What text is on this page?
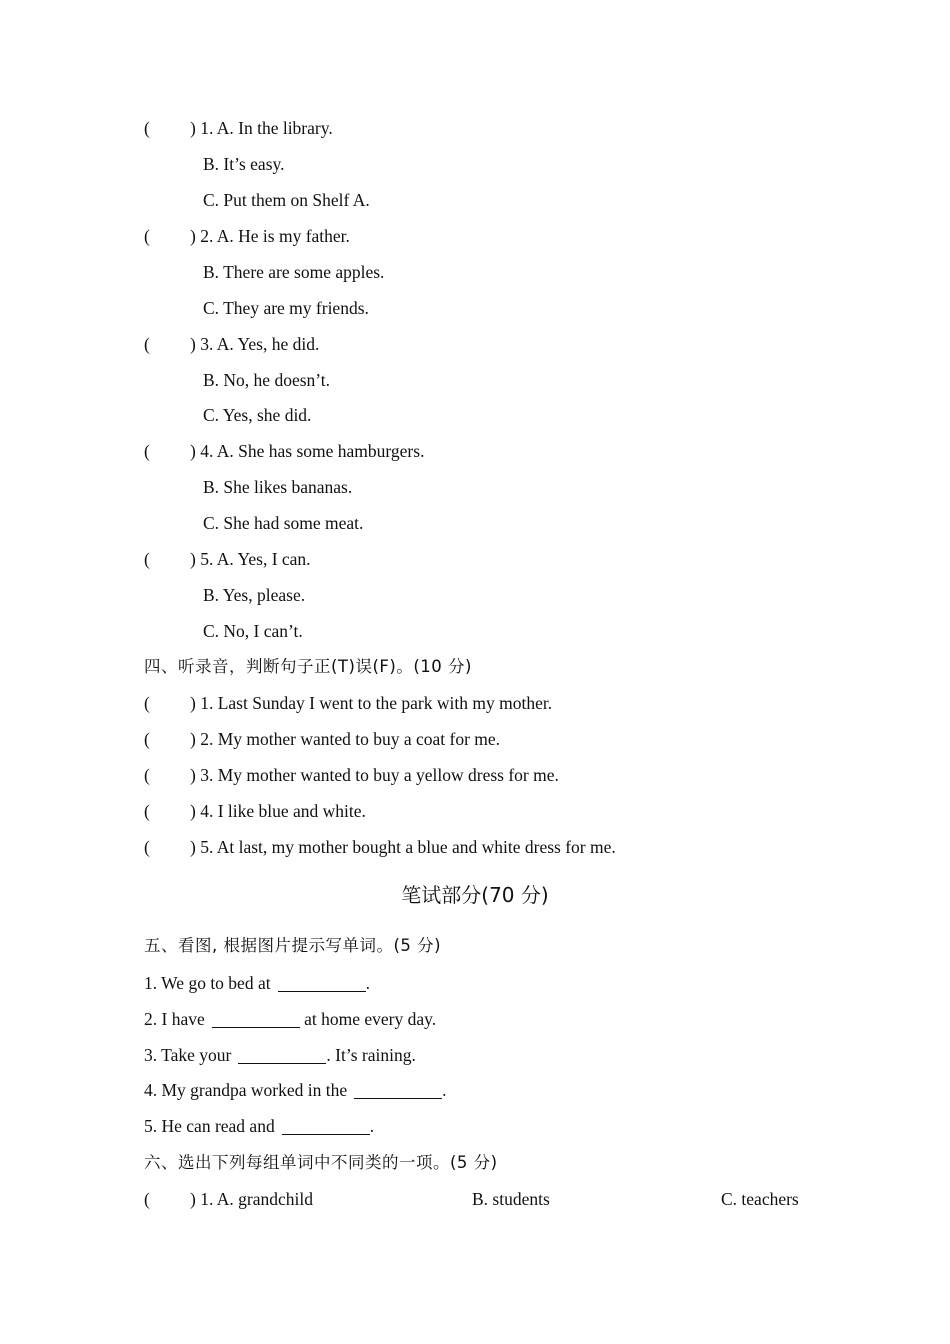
( ) 1. A. In the library.
B. It’s easy.
C. Put them on Shelf A.
( ) 2. A. He is my father.
B. There are some apples.
C. They are my friends.
( ) 3. A. Yes, he did.
B. No, he doesn’t.
C. Yes, she did.
( ) 4. A. She has some hamburgers.
B. She likes bananas.
C. She had some meat.
( ) 5. A. Yes, I can.
B. Yes, please.
C. No, I can’t.
四、听录音，判断句子正(T)误(F)。(10 分)
( ) 1. Last Sunday I went to the park with my mother.
( ) 2. My mother wanted to buy a coat for me.
( ) 3. My mother wanted to buy a yellow dress for me.
( ) 4. I like blue and white.
( ) 5. At last, my mother bought a blue and white dress for me.
笔试部分(70 分)
五、看图, 根据图片提示写单词。(5 分)
1. We go to bed at	.
2. I have	at home every day.
3. Take your	. It’s raining.
4. My grandpa worked in the	.
5. He can read and	.
六、选出下列每组单词中不同类的一项。(5 分)
( ) 1. A. grandchild	B. students	C. teachers
